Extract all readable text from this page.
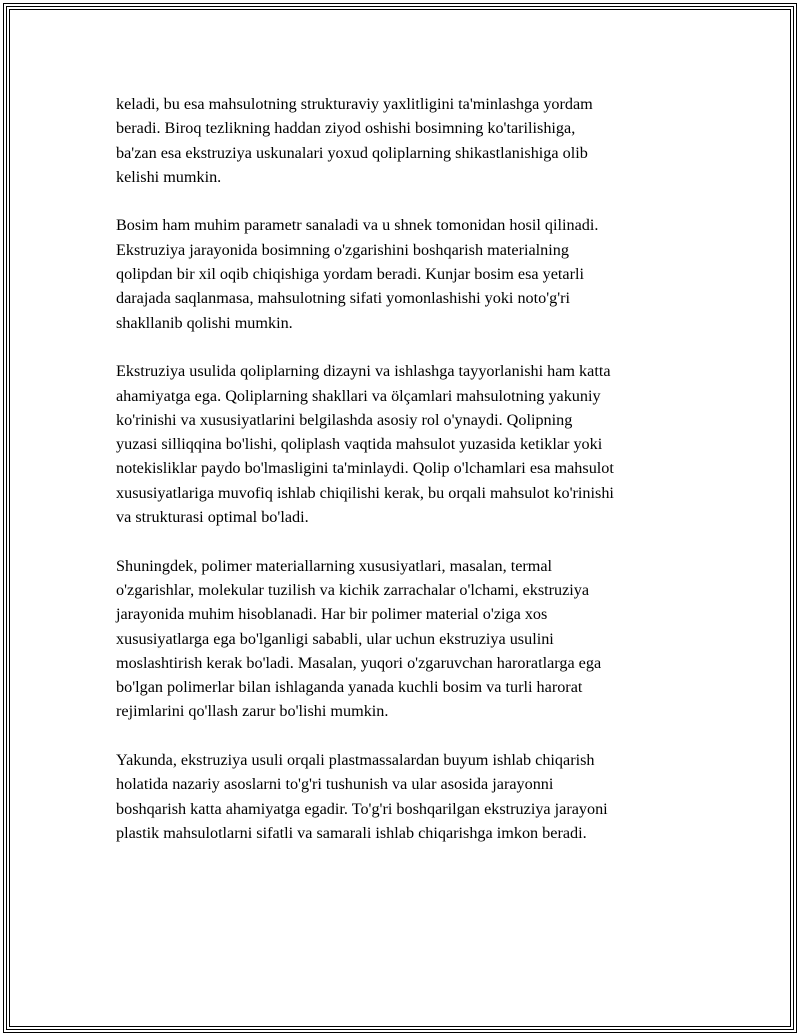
keladi, bu esa mahsulotning strukturaviy yaxlitligini ta'minlashga yordam
beradi. Biroq tezlikning haddan ziyod oshishi bosimning ko'tarilishiga,
ba'zan esa ekstruziya uskunalari yoxud qoliplarning shikastlanishiga olib
kelishi mumkin.

Bosim ham muhim parametr sanaladi va u shnek tomonidan hosil qilinadi.
Ekstruziya jarayonida bosimning o'zgarishini boshqarish materialning
qolipdan bir xil oqib chiqishiga yordam beradi. Kunjar bosim esa yetarli
darajada saqlanmasa, mahsulotning sifati yomonlashishi yoki noto'g'ri
shakllanib qolishi mumkin.

Ekstruziya usulida qoliplarning dizayni va ishlashga tayyorlanishi ham katta
ahamiyatga ega. Qoliplarning shakllari va ölçamlari mahsulotning yakuniy
ko'rinishi va xususiyatlarini belgilashda asosiy rol o'ynaydi. Qolipning
yuzasi silliqqina bo'lishi, qoliplash vaqtida mahsulot yuzasida ketiklar yoki
notekisliklar paydo bo'lmasligini ta'minlaydi. Qolip o'lchamlari esa mahsulot
xususiyatlariga muvofiq ishlab chiqilishi kerak, bu orqali mahsulot ko'rinishi
va strukturasi optimal bo'ladi.

Shuningdek, polimer materiallarning xususiyatlari, masalan, termal
o'zgarishlar, molekular tuzilish va kichik zarrachalar o'lchami, ekstruziya
jarayonida muhim hisoblanadi. Har bir polimer material o'ziga xos
xususiyatlarga ega bo'lganligi sababli, ular uchun ekstruziya usulini
moslashtirish kerak bo'ladi. Masalan, yuqori o'zgaruvchan haroratlarga ega
bo'lgan polimerlar bilan ishlaganda yanada kuchli bosim va turli harorat
rejimlarini qo'llash zarur bo'lishi mumkin.

Yakunda, ekstruziya usuli orqali plastmassalardan buyum ishlab chiqarish
holatida nazariy asoslarni to'g'ri tushunish va ular asosida jarayonni
boshqarish katta ahamiyatga egadir. To'g'ri boshqarilgan ekstruziya jarayoni
plastik mahsulotlarni sifatli va samarali ishlab chiqarishga imkon beradi.
